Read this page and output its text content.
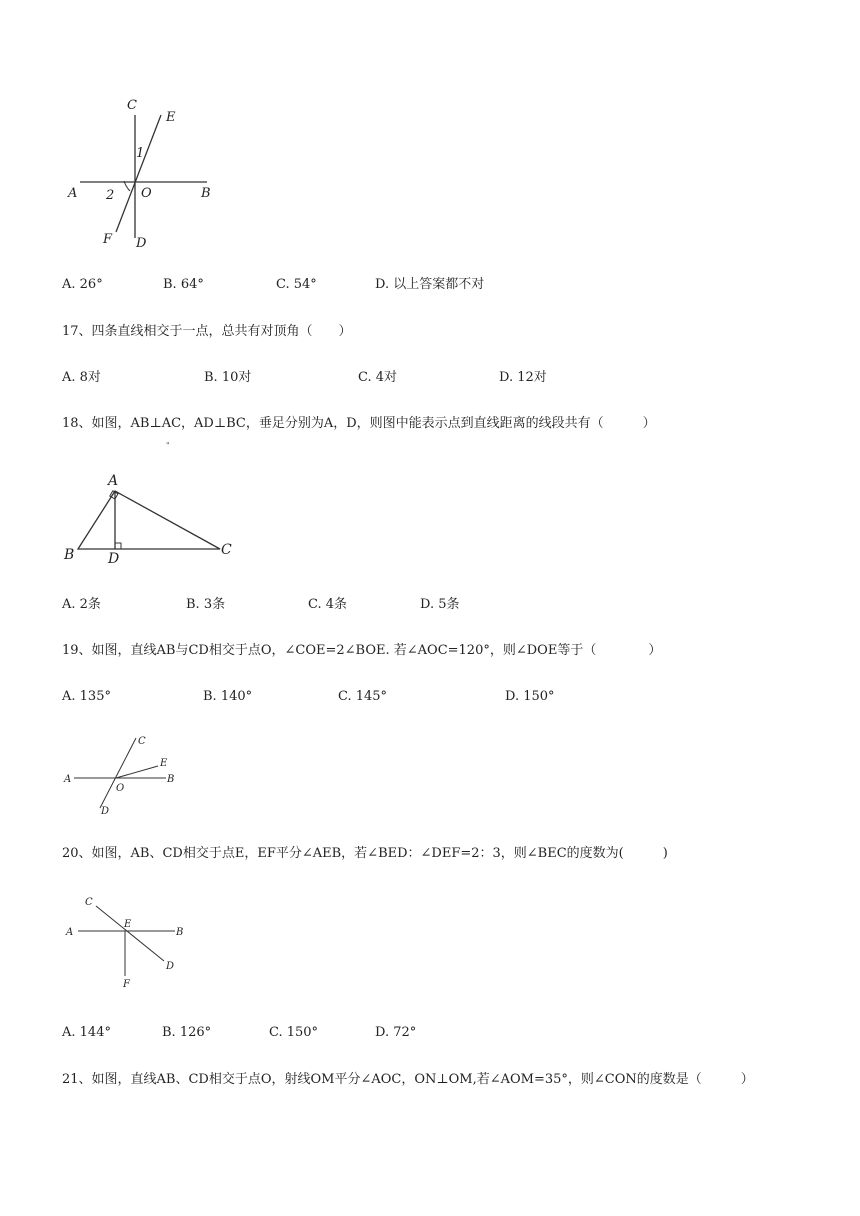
C
E
1
A 2 O	B
F D
A. 26°	B. 64°	C. 54°	D. 以上答案都不对
17、四条直线相交于一点，总共有对顶角（　　）
A. 8对	B. 10对	C. 4对	D. 12对
18、如图，AB⊥AC，AD⊥BC，垂足分别为A，D，则图中能表示点到直线距离的线段共有（　　　）
"
A
B	C
D
A. 2条	B. 3条	C. 4条	D. 5条
19、如图，直线AB与CD相交于点O，∠COE=2∠BOE. 若∠AOC=120°，则∠DOE等于（　　　　）
A. 135°	B. 140°	C. 145°	D. 150°
C
E
A	B
O
D
20、如图，AB、CD相交于点E，EF平分∠AEB，若∠BED：∠DEF=2：3，则∠BEC的度数为(　　　)
C
E
A	B
D
F
A. 144°	B. 126°	C. 150°	D. 72°
21、如图，直线AB、CD相交于点O，射线OM平分∠AOC，ON⊥OM,若∠AOM=35°，则∠CON的度数是（　　　）
